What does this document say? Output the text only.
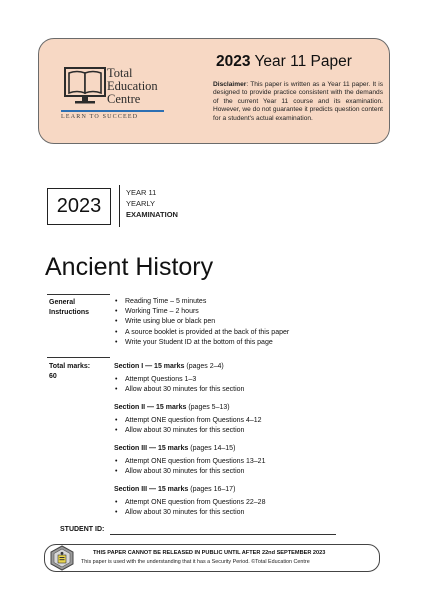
Total
Education
Centre
LEARN TO SUCCEED
2023 Year 11 Paper
Disclaimer: This paper is written as a Year 11 paper. It is designed to provide practice consistent with the demands of the current Year 11 course and its examination. However, we do not guarantee it predicts question content for a student's actual examination.
2023
YEAR 11
YEARLY
EXAMINATION
Ancient History
General
Instructions
• Reading Time – 5 minutes
• Working Time – 2 hours
• Write using blue or black pen
• A source booklet is provided at the back of this paper
• Write your Student ID at the bottom of this page
Total marks:
60
Section I — 15 marks (pages 2–4)
• Attempt Questions 1–3
• Allow about 30 minutes for this section
Section II — 15 marks (pages 5–13)
• Attempt ONE question from Questions 4–12
• Allow about 30 minutes for this section
Section III — 15 marks (pages 14–15)
• Attempt ONE question from Questions 13–21
• Allow about 30 minutes for this section
Section III — 15 marks (pages 16–17)
• Attempt ONE question from Questions 22–28
• Allow about 30 minutes for this section
STUDENT ID:
THIS PAPER CANNOT BE RELEASED IN PUBLIC UNTIL AFTER 22nd SEPTEMBER 2023
This paper is used with the understanding that it has a Security Period. ©Total Education Centre
